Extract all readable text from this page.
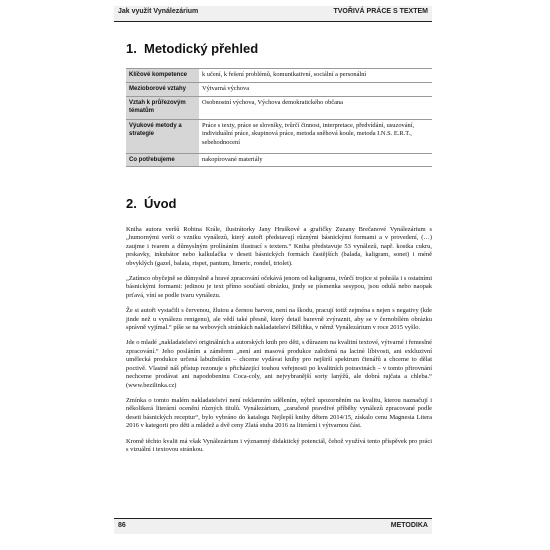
Jak využít Vynálezárium	TVOŘIVÁ PRÁCE S TEXTEM
1. Metodický přehled
Klíčové kompetence	k učení, k řešení problémů, komunikativní, sociální a personální
Mezioborové vztahy	Výtvarná výchova
Vztah k průřezovým tématům	Osobnostní výchova, Výchova demokratického občana
Výukové metody a strategie	Práce s texty, práce se slovníky, tvůrčí činnost, interpretace, předvídání, usuzování, individuální práce, skupinová práce, metoda sněhová koule, metoda I.N.S. E.R.T., sebehodnocení
Co potřebujeme	nakopírované materiály
2. Úvod

Kniha autora veršů Robina Krále, ilustrátorky Jany Hruškové a grafičky Zuzany Brečanové Vynálezárium s „humornými verši o vzniku vynálezů, který autoři představují různými básnickými formami a v provedení, (…) zaujme i tvarem a důmyslným prolínáním ilustrací s textem.“ Kniha představuje 53 vynálezů, např. kostka cukru, prskavky, inkubátor nebo kalkulačka v deseti básnických formách častějších (balada, kaligram, sonet) i méně obvyklých (gazel, balata, rispet, pantum, limeric, rondel, triolet).

„Zatímco obyčejně se důmyslně a hravé zpracování očekává jenom od kaligramu, tvůrčí trojice si pohrála i s ostatními básnickými formami: jedinou je text přímo součástí obrázku, jindy se písmenka sesypou, jsou odulá nebo naopak prťavá, víní se podle tvaru vynálezu.

Že si autoři vystačili s červenou, žlutou a černou barvou, není na škodu, pracují totiž zejména s nejen s negativy (kde jinde než u vynálezu rentgenu), ale vědí také přesně, který detail barevně zvýraznit, aby se v černobílém obrázku správně vyjímal.“ píše se na webových stránkách nakladatelství Běliňka, v němž Vynálezárium v roce 2015 vyšlo.

Jde o mladé „nakladatelství originálních a autorských knih pro děti, s důrazem na kvalitní textové, výtvarné i řemeslné zpracování.“ Jeho posláním a záměrem „není ani masová produkce založená na laciné líbivosti, ani exkluzivní umělecká produkce určená labužníkům – chceme vydávat knihy pro nejširší spektrum čtenářů a chceme to dělat poctivě. Vlastně náš přístup rezonuje s přicházející touhou veřejnosti po kvalitních potravinách – v tomto přirovnání nechceme prodávat ani napodobeninu Coca-coly, ani nejvybranější sorty lanýžů, ale dobrá rajčata a chleba.“ (www.bezilinka.cz)

Zmínka o tomto malém nakladatelství není reklamním sdělením, nýbrž upozorněním na kvalitu, kterou naznačují i několikerá literární ocenění různých titulů. Vynálezárium, „zaručeně pravdivé příběhy vynálezů zpracované podle deseti básnických receptur“, bylo vybráno do katalogu Nejlepší knihy dětem 2014/15, získalo cenu Magnesia Litera 2016 v kategorii pro děti a mládež a dvě ceny Zlatá stuha 2016 za literární i výtvarnou část.

Kromě těchto kvalit má však Vynálezárium i významný didaktický potenciál, čehož využívá tento příspěvek pro práci s vizuální i textovou stránkou.

86	METODIKA
